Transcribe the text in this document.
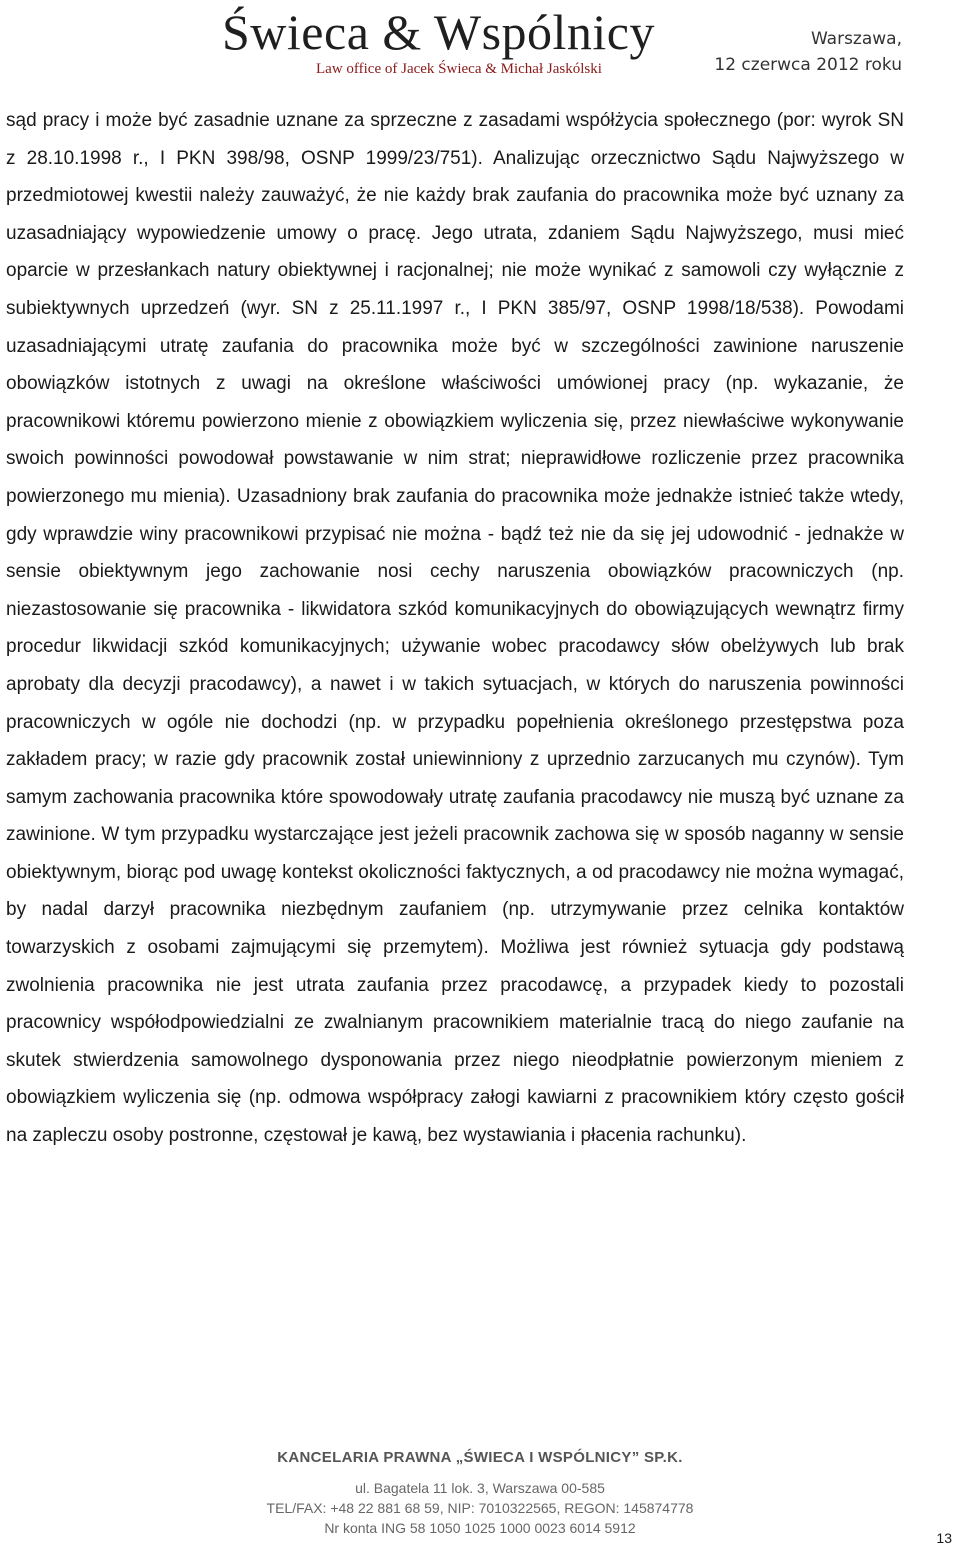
Świeca & Wspólnicy
Law office of Jacek Świeca & Michał Jaskólski
Warszawa,
12 czerwca 2012 roku

sąd pracy i może być zasadnie uznane za sprzeczne z zasadami współżycia społecznego (por: wyrok SN z 28.10.1998 r., I PKN 398/98, OSNP 1999/23/751). Analizując orzecznictwo Sądu Najwyższego w przedmiotowej kwestii należy zauważyć, że nie każdy brak zaufania do pracownika może być uznany za uzasadniający wypowiedzenie umowy o pracę. Jego utrata, zdaniem Sądu Najwyższego, musi mieć oparcie w przesłankach natury obiektywnej i racjonalnej; nie może wynikać z samowoli czy wyłącznie z subiektywnych uprzedzeń (wyr. SN z 25.11.1997 r., I PKN 385/97, OSNP 1998/18/538). Powodami uzasadniającymi utratę zaufania do pracownika może być w szczególności zawinione naruszenie obowiązków istotnych z uwagi na określone właściwości umówionej pracy (np. wykazanie, że pracownikowi któremu powierzono mienie z obowiązkiem wyliczenia się, przez niewłaściwe wykonywanie swoich powinności powodował powstawanie w nim strat; nieprawidłowe rozliczenie przez pracownika powierzonego mu mienia). Uzasadniony brak zaufania do pracownika może jednakże istnieć także wtedy, gdy wprawdzie winy pracownikowi przypisać nie można - bądź też nie da się jej udowodnić - jednakże w sensie obiektywnym jego zachowanie nosi cechy naruszenia obowiązków pracowniczych (np. niezastosowanie się pracownika - likwidatora szkód komunikacyjnych do obowiązujących wewnątrz firmy procedur likwidacji szkód komunikacyjnych; używanie wobec pracodawcy słów obelżywych lub brak aprobaty dla decyzji pracodawcy), a nawet i w takich sytuacjach, w których do naruszenia powinności pracowniczych w ogóle nie dochodzi (np. w przypadku popełnienia określonego przestępstwa poza zakładem pracy; w razie gdy pracownik został uniewinniony z uprzednio zarzucanych mu czynów). Tym samym zachowania pracownika które spowodowały utratę zaufania pracodawcy nie muszą być uznane za zawinione. W tym przypadku wystarczające jest jeżeli pracownik zachowa się w sposób naganny w sensie obiektywnym, biorąc pod uwagę kontekst okoliczności faktycznych, a od pracodawcy nie można wymagać, by nadal darzył pracownika niezbędnym zaufaniem (np. utrzymywanie przez celnika kontaktów towarzyskich z osobami zajmującymi się przemytem). Możliwa jest również sytuacja gdy podstawą zwolnienia pracownika nie jest utrata zaufania przez pracodawcę, a przypadek kiedy to pozostali pracownicy współodpowiedzialni ze zwalnianym pracownikiem materialnie tracą do niego zaufanie na skutek stwierdzenia samowolnego dysponowania przez niego nieodpłatnie powierzonym mieniem z obowiązkiem wyliczenia się (np. odmowa współpracy załogi kawiarni z pracownikiem który często gościł na zapleczu osoby postronne, częstował je kawą, bez wystawiania i płacenia rachunku).

KANCELARIA PRAWNA „ŚWIECA I WSPÓLNICY” SP.K.
ul. Bagatela 11 lok. 3, Warszawa 00-585
TEL/FAX: +48 22 881 68 59, NIP: 7010322565, REGON: 145874778
Nr konta ING 58 1050 1025 1000 0023 6014 5912
13
